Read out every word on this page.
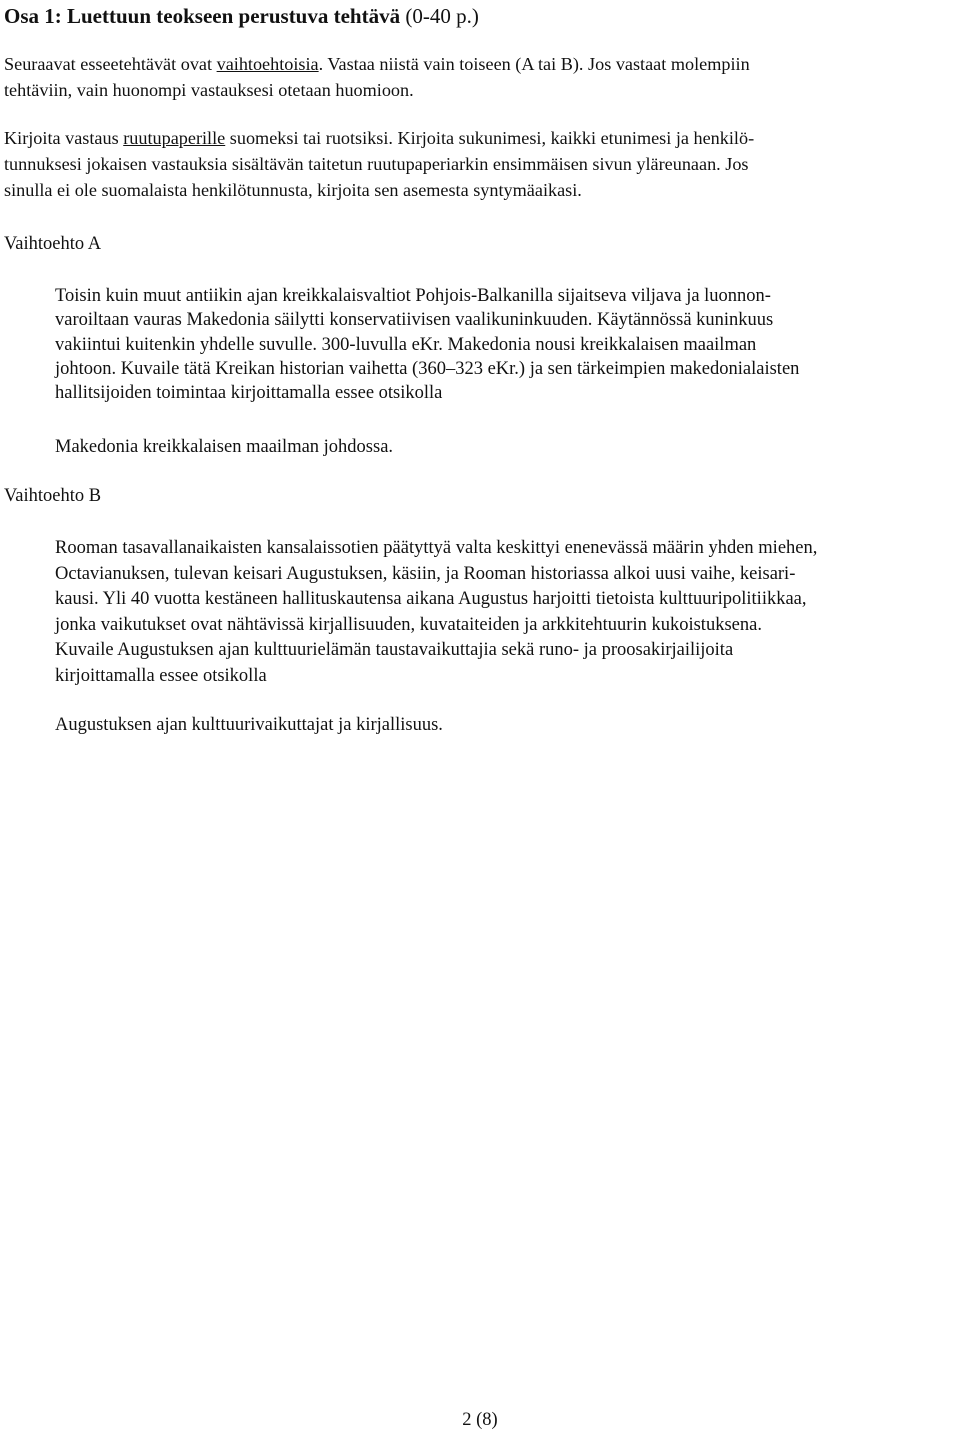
Osa 1: Luettuun teokseen perustuva tehtävä (0-40 p.)

Seuraavat esseetehtävät ovat vaihtoehtoisia. Vastaa niistä vain toiseen (A tai B). Jos vastaat molempiin
tehtäviin, vain huonompi vastauksesi otetaan huomioon.

Kirjoita vastaus ruutupaperille suomeksi tai ruotsiksi. Kirjoita sukunimesi, kaikki etunimesi ja henkilö-
tunnuksesi jokaisen vastauksia sisältävän taitetun ruutupaperiarkin ensimmäisen sivun yläreunaan. Jos
sinulla ei ole suomalaista henkilötunnusta, kirjoita sen asemesta syntymäaikasi.

Vaihtoehto A

Toisin kuin muut antiikin ajan kreikkalaisvaltiot Pohjois-Balkanilla sijaitseva viljava ja luonnon-
varoiltaan vauras Makedonia säilytti konservatiivisen vaalikuninkuuden. Käytännössä kuninkuus
vakiintui kuitenkin yhdelle suvulle. 300-luvulla eKr. Makedonia nousi kreikkalaisen maailman
johtoon. Kuvaile tätä Kreikan historian vaihetta (360–323 eKr.) ja sen tärkeimpien makedonialaisten
hallitsijoiden toimintaa kirjoittamalla essee otsikolla

Makedonia kreikkalaisen maailman johdossa.

Vaihtoehto B

Rooman tasavallanaikaisten kansalaissotien päätyttyä valta keskittyi enenevässä määrin yhden miehen,
Octavianuksen, tulevan keisari Augustuksen, käsiin, ja Rooman historiassa alkoi uusi vaihe, keisari-
kausi. Yli 40 vuotta kestäneen hallituskautensa aikana Augustus harjoitti tietoista kulttuuripolitiikkaa,
jonka vaikutukset ovat nähtävissä kirjallisuuden, kuvataiteiden ja arkkitehtuurin kukoistuksena.
Kuvaile Augustuksen ajan kulttuurielämän taustavaikuttajia sekä runo- ja proosakirjailijoita
kirjoittamalla essee otsikolla

Augustuksen ajan kulttuurivaikuttajat ja kirjallisuus.

2 (8)
